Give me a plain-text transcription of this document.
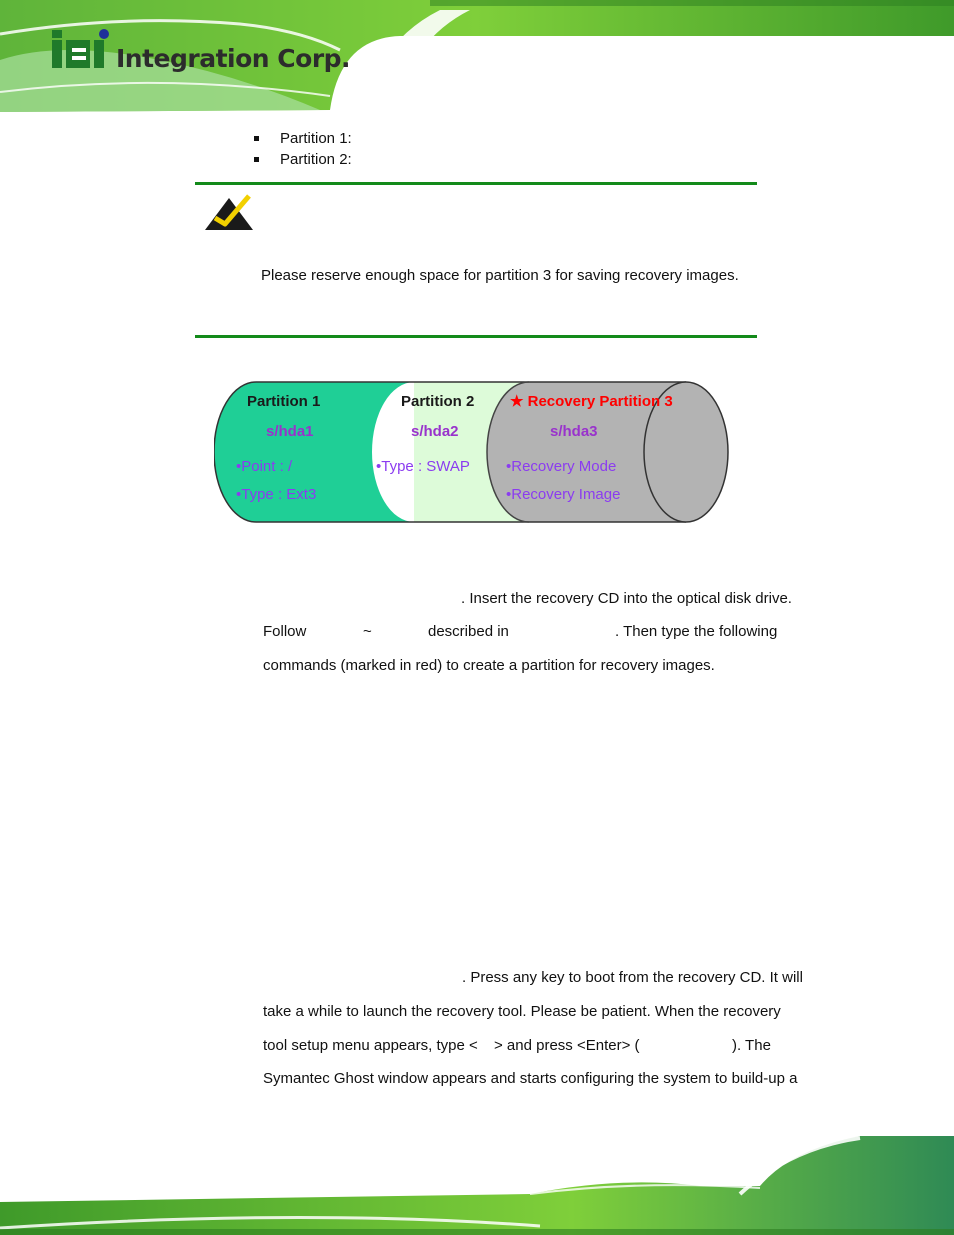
Integration Corp.
Partition 1:
Partition 2:
Please reserve enough space for partition 3 for saving recovery images.
Partition 1
s/hda1
•Point : /
•Type : Ext3
Partition 2
s/hda2
•Type : SWAP
★ Recovery Partition 3
s/hda3
•Recovery Mode
•Recovery Image
. Insert the recovery CD into the optical disk drive.
Follow	~	described in	. Then type the following
commands (marked in red) to create a partition for recovery images.
. Press any key to boot from the recovery CD. It will
take a while to launch the recovery tool. Please be patient. When the recovery
tool setup menu appears, type < > and press <Enter> (	). The
Symantec Ghost window appears and starts configuring the system to build-up a
